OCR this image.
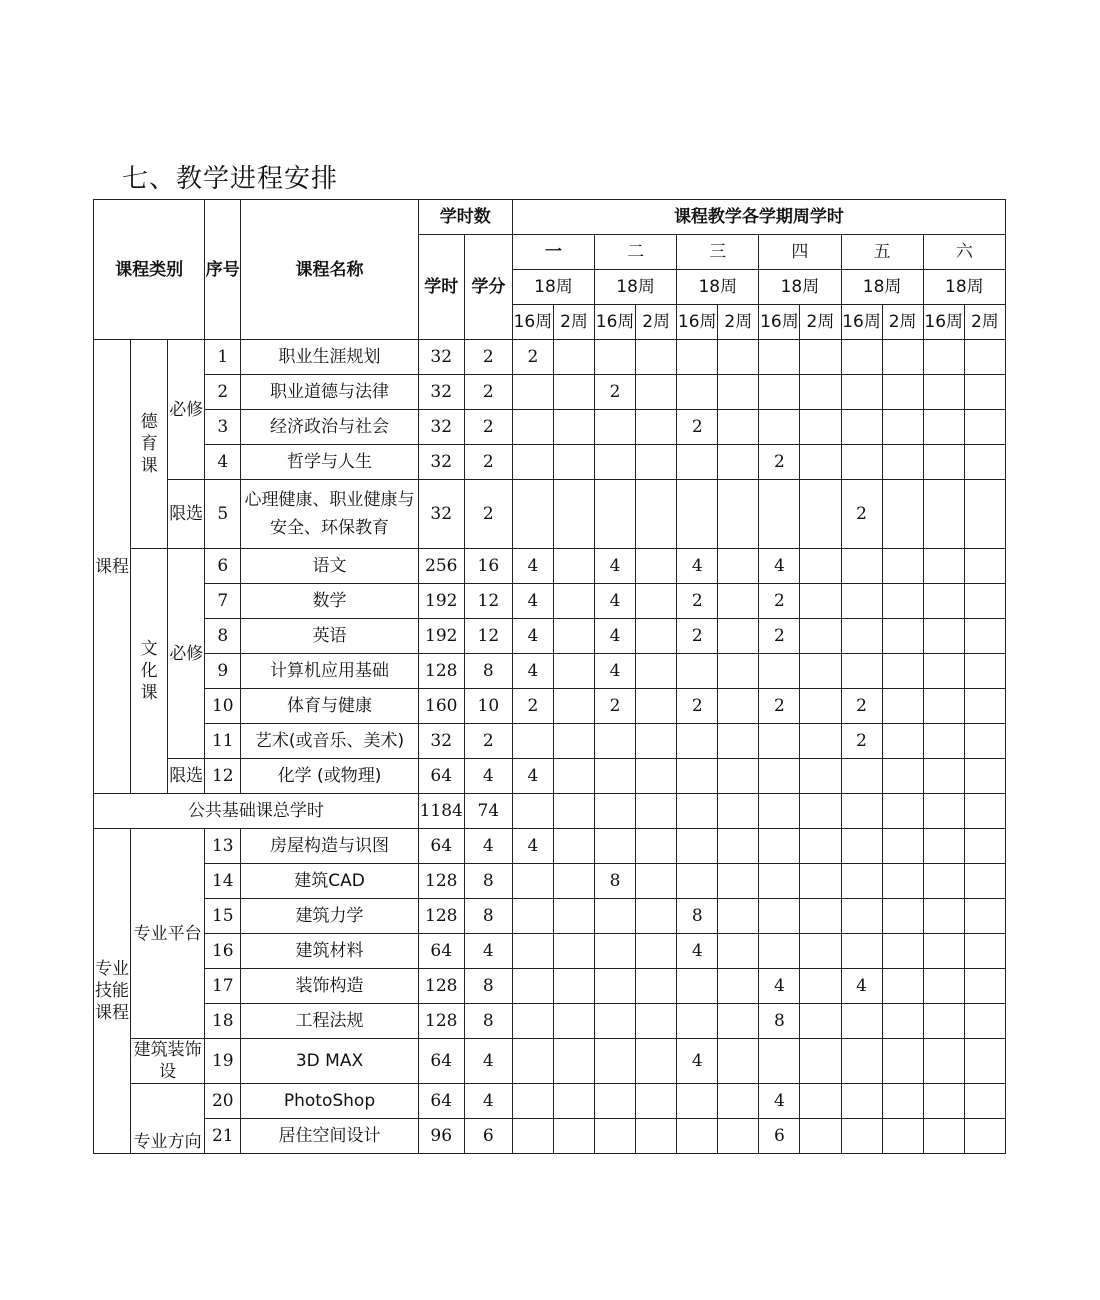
七、教学进程安排
课程类别			序号	课程名称	学时数		课程教学各学期周学时											
					学时	学分	一		二		三		四		五		六	
							18周		18周		18周		18周		18周		18周	
							16周	2周	16周	2周	16周	2周	16周	2周	16周	2周	16周	2周
课程	德育课	必修	1	职业生涯规划	32	2	2											
			2	职业道德与法律	32	2			2									
			3	经济政治与社会	32	2					2							
			4	哲学与人生	32	2							2					
		限选	5	心理健康、职业健康与安全、环保教育	32	2									2			
	文化课	必修	6	语文	256	16	4		4		4		4					
			7	数学	192	12	4		4		2		2					
			8	英语	192	12	4		4		2		2					
			9	计算机应用基础	128	8	4		4									
			10	体育与健康	160	10	2		2		2		2		2			
			11	艺术(或音乐、美术)	32	2									2			
		限选	12	化学 (或物理)	64	4	4											
公共基础课总学时					1184	74												
专业技能课程	专业平台		13	房屋构造与识图	64	4	4											
			14	建筑CAD	128	8			8									
			15	建筑力学	128	8					8							
			16	建筑材料	64	4					4							
			17	装饰构造	128	8							4		4			
			18	工程法规	128	8							8					
	建筑装饰设		19	3D MAX	64	4					4							
	专业方向		20	PhotoShop	64	4							4					
			21	居住空间设计	96	6							6					
